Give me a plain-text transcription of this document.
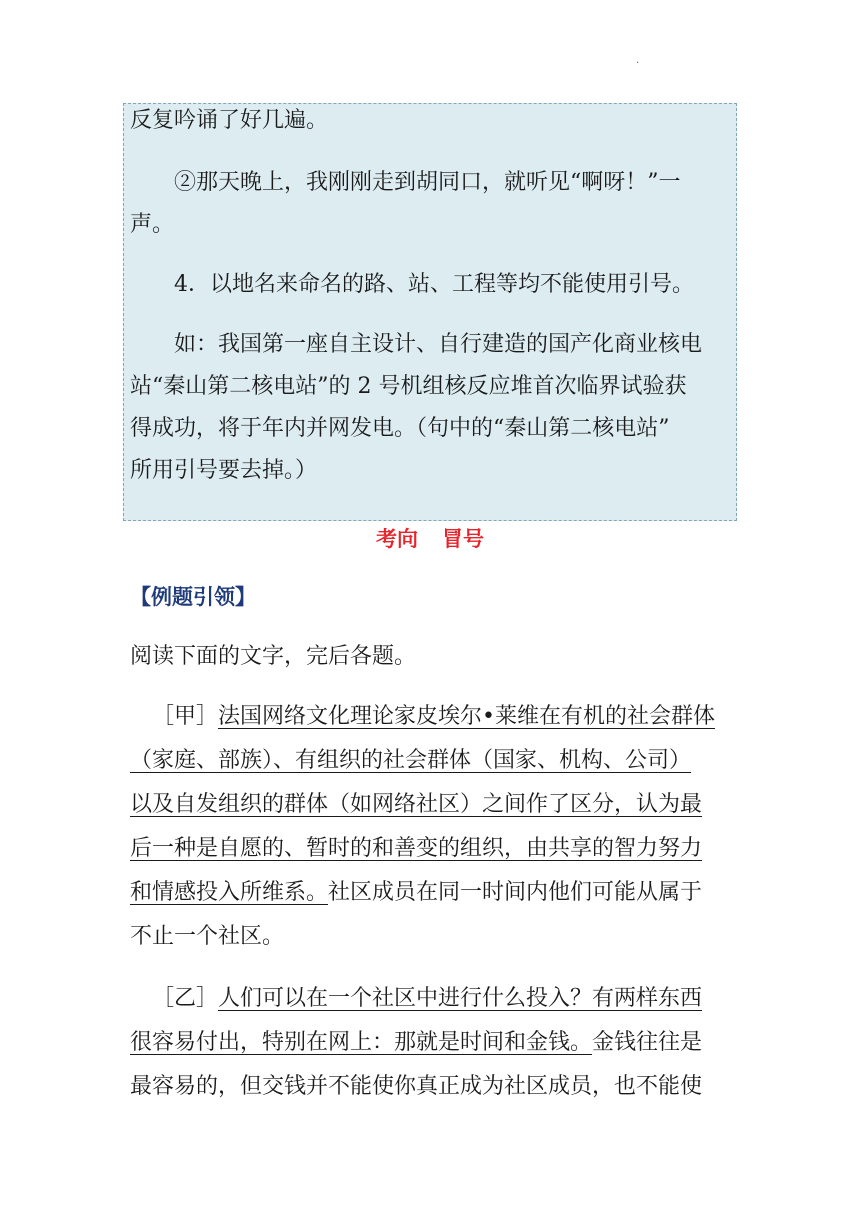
·
反复吟诵了好几遍。
②那天晚上，我刚刚走到胡同口，就听见“啊呀！”一
声。
4．以地名来命名的路、站、工程等均不能使用引号。
如：我国第一座自主设计、自行建造的国产化商业核电
站“秦山第二核电站”的 2 号机组核反应堆首次临界试验获
得成功，将于年内并网发电。（句中的“秦山第二核电站”
所用引号要去掉。）
考向 冒号
【例题引领】
阅读下面的文字，完后各题。
［甲］法国网络文化理论家皮埃尔•莱维在有机的社会群体
（家庭、部族）、有组织的社会群体（国家、机构、公司）
以及自发组织的群体（如网络社区）之间作了区分，认为最
后一种是自愿的、暂时的和善变的组织，由共享的智力努力
和情感投入所维系。社区成员在同一时间内他们可能从属于
不止一个社区。
［乙］人们可以在一个社区中进行什么投入？有两样东西
很容易付出，特别在网上：那就是时间和金钱。金钱往往是
最容易的，但交钱并不能使你真正成为社区成员，也不能使
